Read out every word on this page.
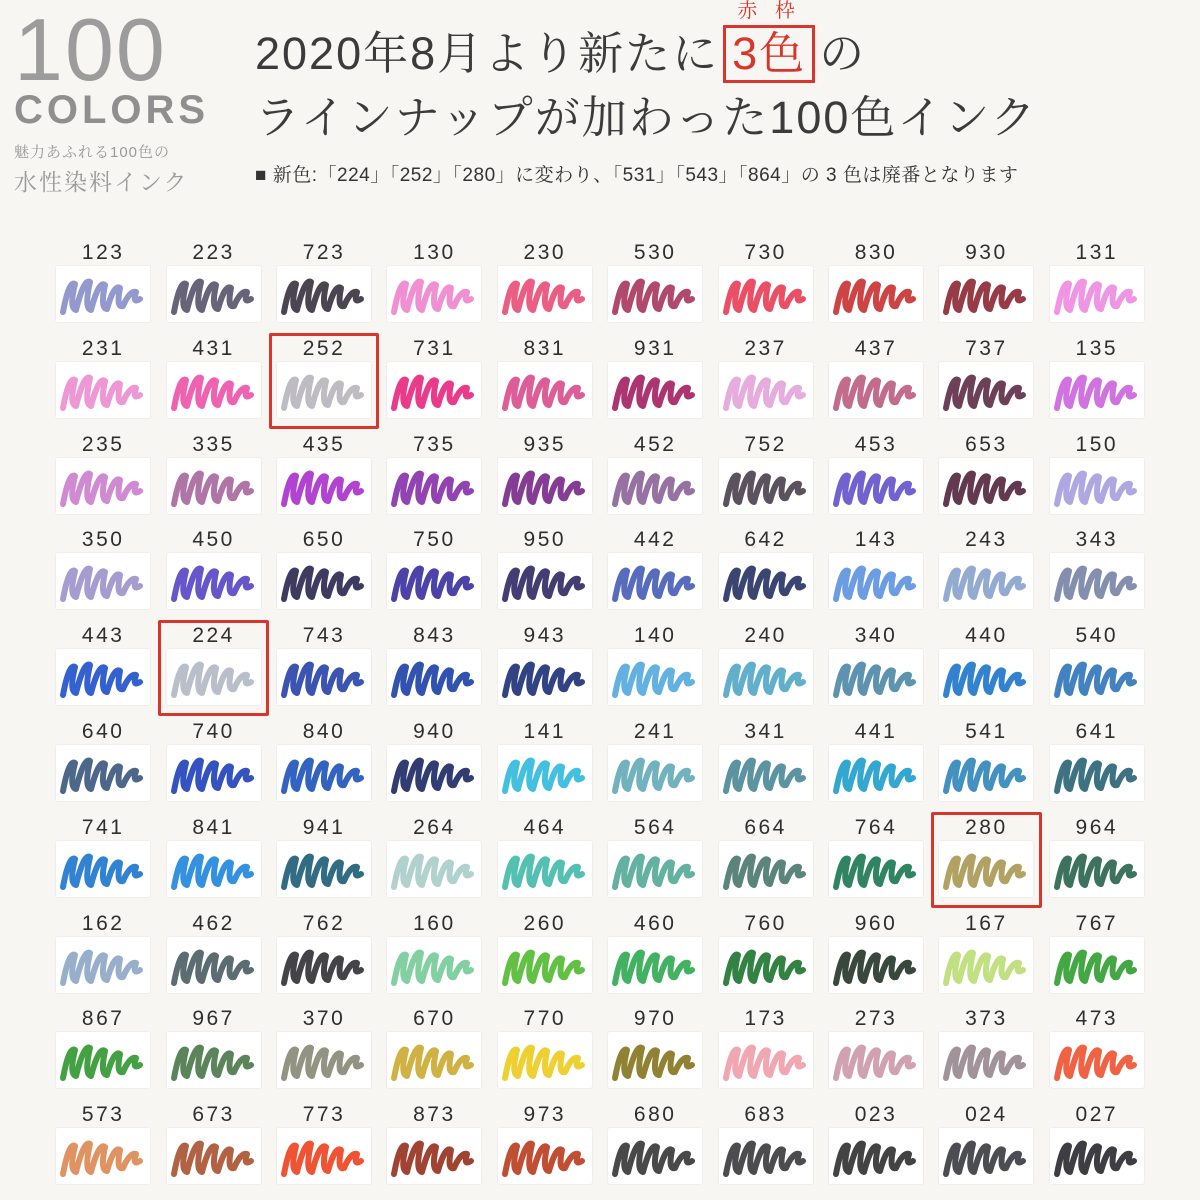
100
COLORS
魅力あふれる100色の
水性染料インク
2020年8月より新たに
赤 枠
3色 の
ラインナップが加わった100色インク
■ 新色:「224」「252」「280」に変わり、「531」「543」「864」の 3 色は廃番となります
123	223	723	130	230	530	730	830	930	131
231	431	252	731	831	931	237	437	737	135
235	335	435	735	935	452	752	453	653	150
350	450	650	750	950	442	642	143	243	343
443	224	743	843	943	140	240	340	440	540
640	740	840	940	141	241	341	441	541	641
741	841	941	264	464	564	664	764	280	964
162	462	762	160	260	460	760	960	167	767
867	967	370	670	770	970	173	273	373	473
573	673	773	873	973	680	683	023	024	027
